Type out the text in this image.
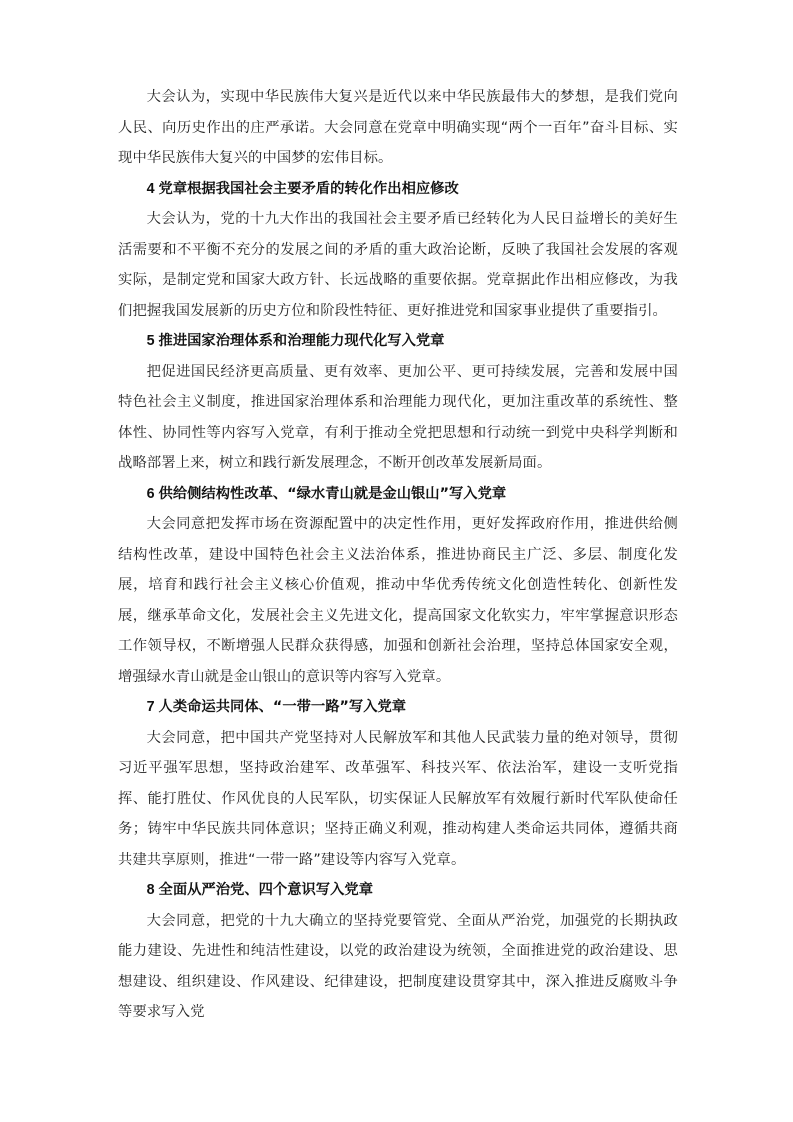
大会认为，实现中华民族伟大复兴是近代以来中华民族最伟大的梦想，是我们党向人民、向历史作出的庄严承诺。大会同意在党章中明确实现“两个一百年”奋斗目标、实现中华民族伟大复兴的中国梦的宏伟目标。

4 党章根据我国社会主要矛盾的转化作出相应修改

大会认为，党的十九大作出的我国社会主要矛盾已经转化为人民日益增长的美好生活需要和不平衡不充分的发展之间的矛盾的重大政治论断，反映了我国社会发展的客观实际，是制定党和国家大政方针、长远战略的重要依据。党章据此作出相应修改，为我们把握我国发展新的历史方位和阶段性特征、更好推进党和国家事业提供了重要指引。

5 推进国家治理体系和治理能力现代化写入党章

把促进国民经济更高质量、更有效率、更加公平、更可持续发展，完善和发展中国特色社会主义制度，推进国家治理体系和治理能力现代化，更加注重改革的系统性、整体性、协同性等内容写入党章，有利于推动全党把思想和行动统一到党中央科学判断和战略部署上来，树立和践行新发展理念，不断开创改革发展新局面。

6 供给侧结构性改革、“绿水青山就是金山银山”写入党章

大会同意把发挥市场在资源配置中的决定性作用，更好发挥政府作用，推进供给侧结构性改革，建设中国特色社会主义法治体系，推进协商民主广泛、多层、制度化发展，培育和践行社会主义核心价值观，推动中华优秀传统文化创造性转化、创新性发展，继承革命文化，发展社会主义先进文化，提高国家文化软实力，牢牢掌握意识形态工作领导权，不断增强人民群众获得感，加强和创新社会治理，坚持总体国家安全观，增强绿水青山就是金山银山的意识等内容写入党章。

7 人类命运共同体、“一带一路”写入党章

大会同意，把中国共产党坚持对人民解放军和其他人民武装力量的绝对领导，贯彻习近平强军思想，坚持政治建军、改革强军、科技兴军、依法治军，建设一支听党指挥、能打胜仗、作风优良的人民军队，切实保证人民解放军有效履行新时代军队使命任务；铸牢中华民族共同体意识；坚持正确义利观，推动构建人类命运共同体，遵循共商共建共享原则，推进“一带一路”建设等内容写入党章。

8 全面从严治党、四个意识写入党章

大会同意，把党的十九大确立的坚持党要管党、全面从严治党，加强党的长期执政能力建设、先进性和纯洁性建设，以党的政治建设为统领，全面推进党的政治建设、思想建设、组织建设、作风建设、纪律建设，把制度建设贯穿其中，深入推进反腐败斗争等要求写入党
